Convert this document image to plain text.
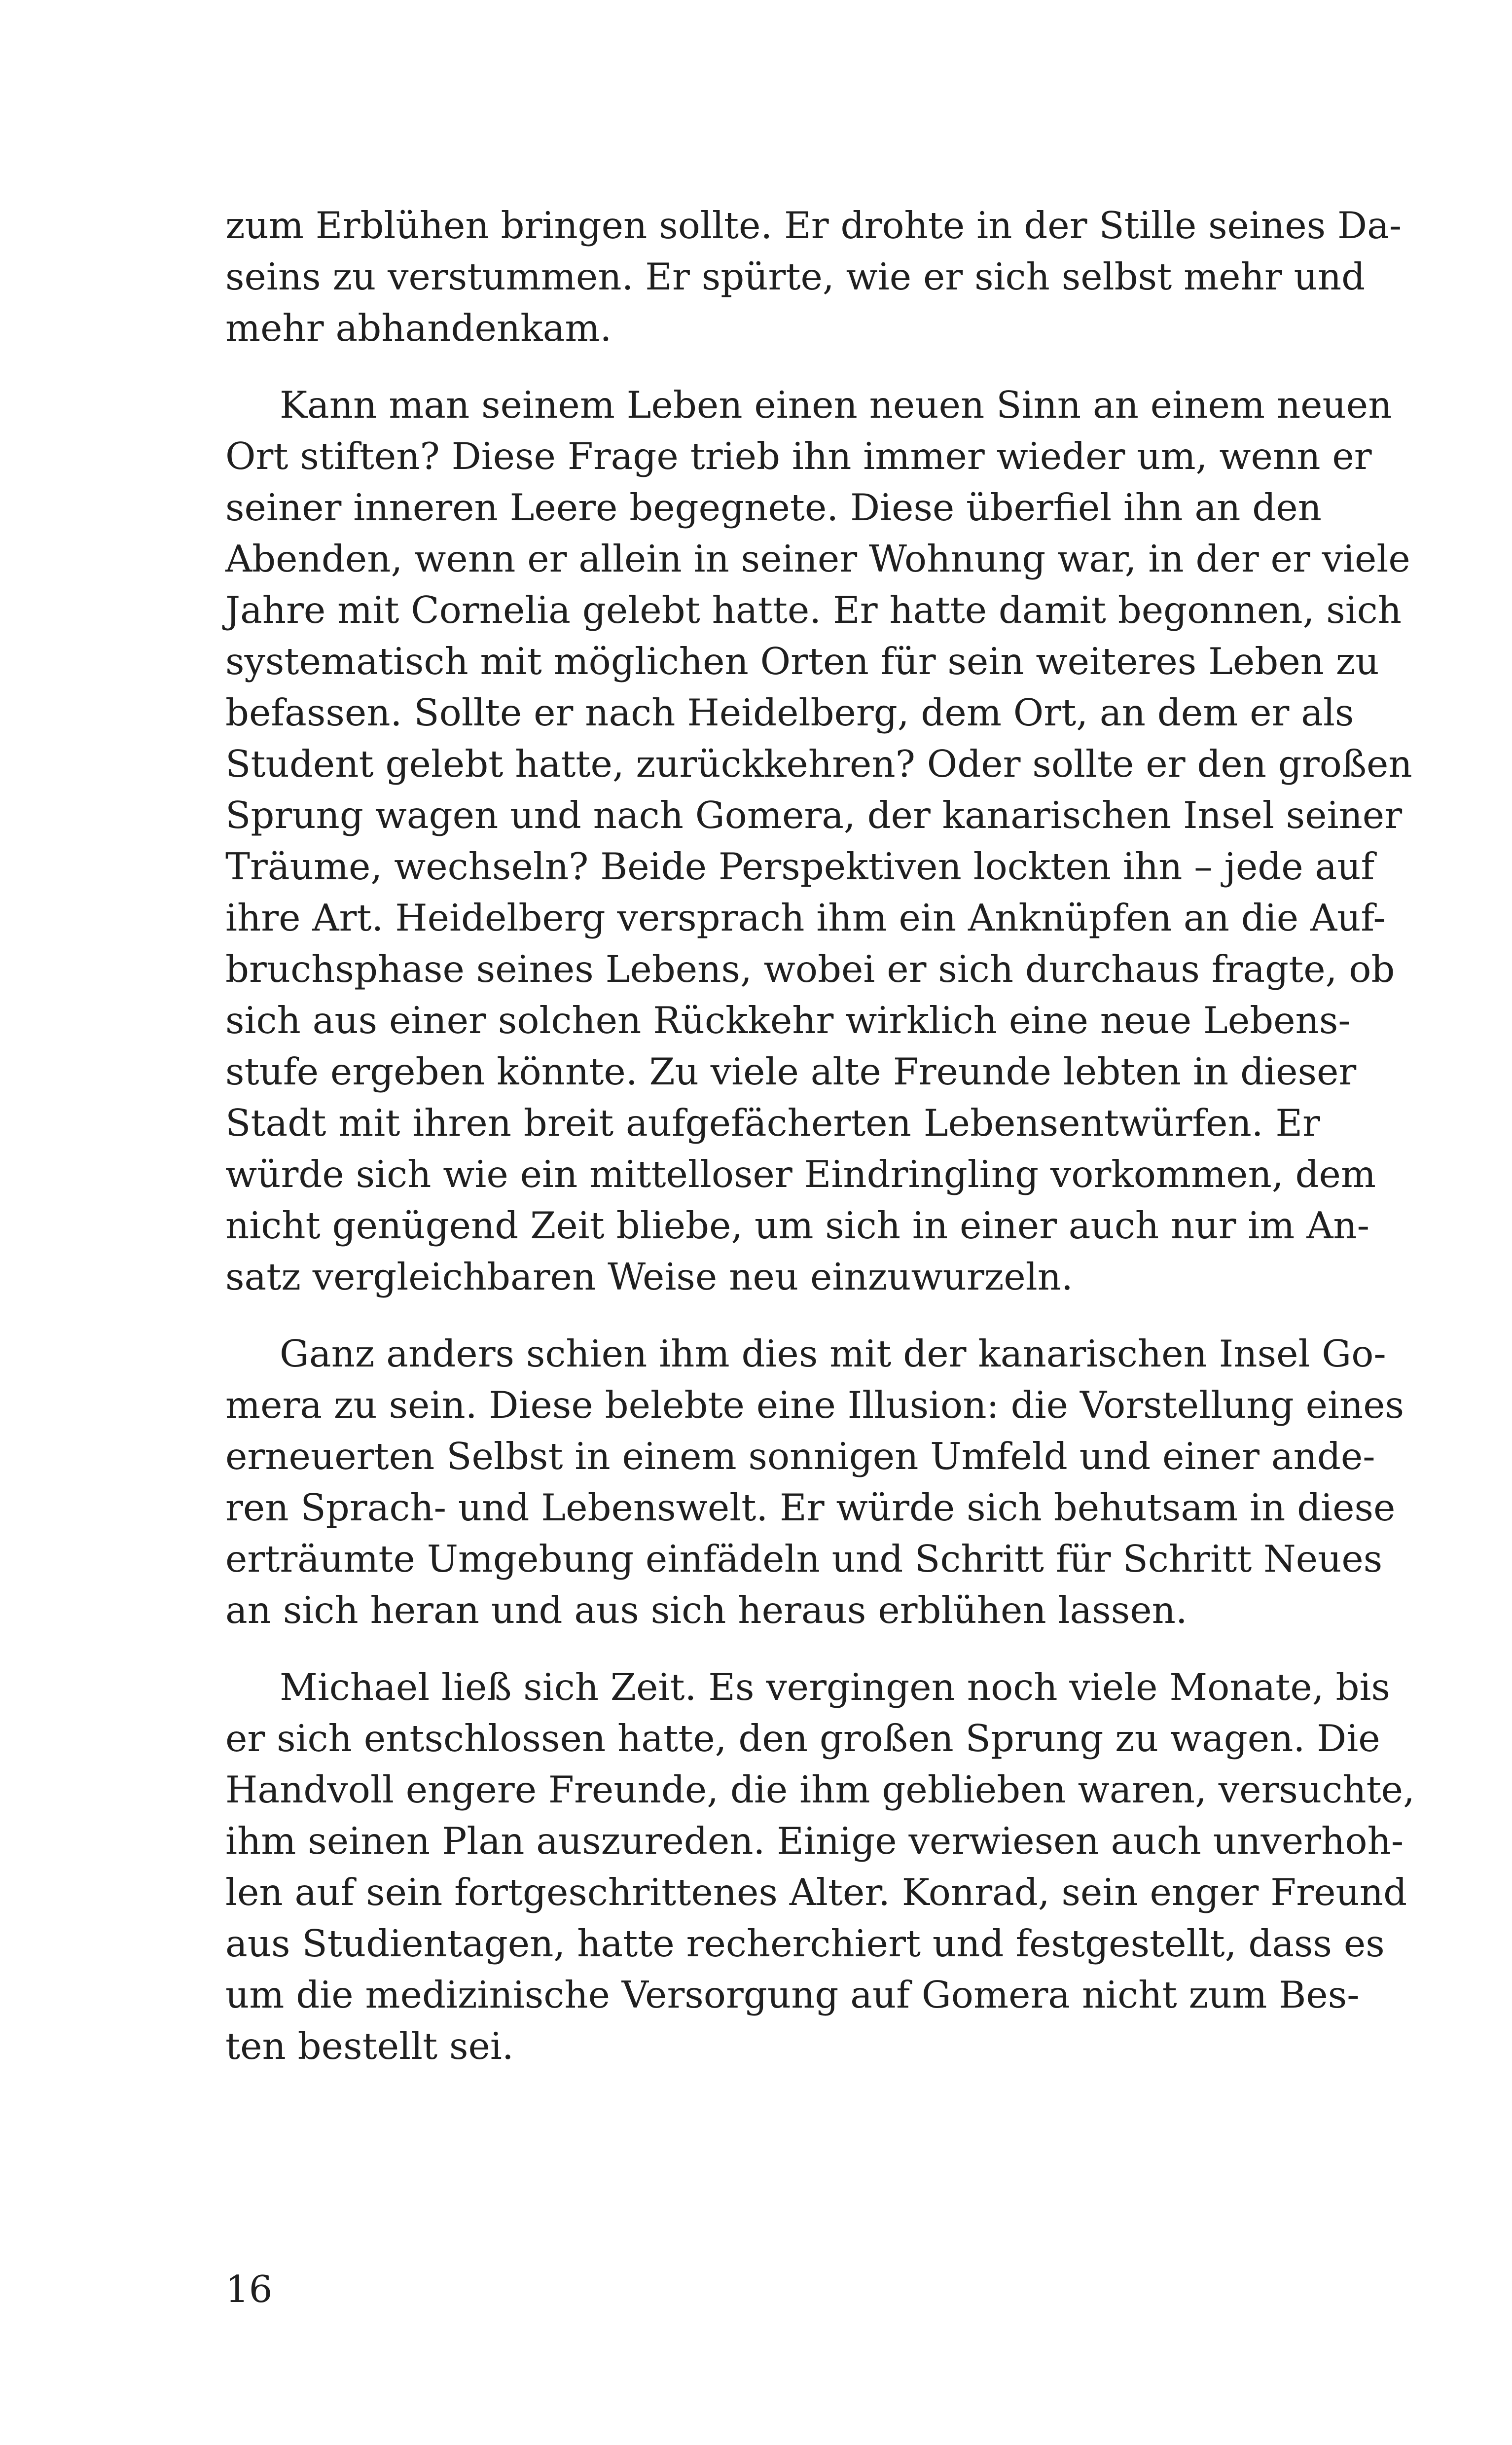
zum Erblühen bringen sollte. Er drohte in der Stille seines Da-
seins zu verstummen. Er spürte, wie er sich selbst mehr und
mehr abhandenkam.

Kann man seinem Leben einen neuen Sinn an einem neuen
Ort stiften? Diese Frage trieb ihn immer wieder um, wenn er
seiner inneren Leere begegnete. Diese überfiel ihn an den
Abenden, wenn er allein in seiner Wohnung war, in der er viele
Jahre mit Cornelia gelebt hatte. Er hatte damit begonnen, sich
systematisch mit möglichen Orten für sein weiteres Leben zu
befassen. Sollte er nach Heidelberg, dem Ort, an dem er als
Student gelebt hatte, zurückkehren? Oder sollte er den großen
Sprung wagen und nach Gomera, der kanarischen Insel seiner
Träume, wechseln? Beide Perspektiven lockten ihn – jede auf
ihre Art. Heidelberg versprach ihm ein Anknüpfen an die Auf-
bruchsphase seines Lebens, wobei er sich durchaus fragte, ob
sich aus einer solchen Rückkehr wirklich eine neue Lebens-
stufe ergeben könnte. Zu viele alte Freunde lebten in dieser
Stadt mit ihren breit aufgefächerten Lebensentwürfen. Er
würde sich wie ein mittelloser Eindringling vorkommen, dem
nicht genügend Zeit bliebe, um sich in einer auch nur im An-
satz vergleichbaren Weise neu einzuwurzeln.

Ganz anders schien ihm dies mit der kanarischen Insel Go-
mera zu sein. Diese belebte eine Illusion: die Vorstellung eines
erneuerten Selbst in einem sonnigen Umfeld und einer ande-
ren Sprach- und Lebenswelt. Er würde sich behutsam in diese
erträumte Umgebung einfädeln und Schritt für Schritt Neues
an sich heran und aus sich heraus erblühen lassen.

Michael ließ sich Zeit. Es vergingen noch viele Monate, bis
er sich entschlossen hatte, den großen Sprung zu wagen. Die
Handvoll engere Freunde, die ihm geblieben waren, versuchte,
ihm seinen Plan auszureden. Einige verwiesen auch unverhoh-
len auf sein fortgeschrittenes Alter. Konrad, sein enger Freund
aus Studientagen, hatte recherchiert und festgestellt, dass es
um die medizinische Versorgung auf Gomera nicht zum Bes-
ten bestellt sei.

16
